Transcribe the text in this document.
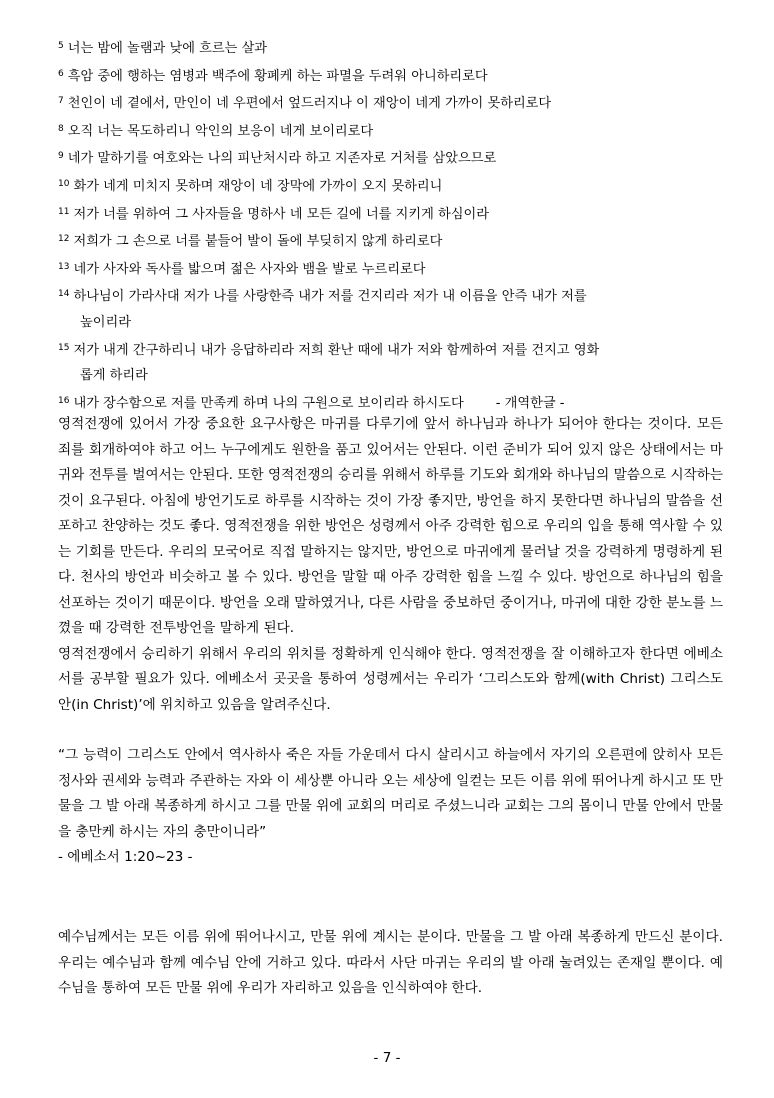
$^5$ 너는 밤에 놀램과 낮에 흐르는 살과
$^6$ 흑암 중에 행하는 염병과 백주에 황폐케 하는 파멸을 두려워 아니하리로다
$^7$ 천인이 네 곁에서, 만인이 네 우편에서 엎드러지나 이 재앙이 네게 가까이 못하리로다
$^8$ 오직 너는 목도하리니 악인의 보응이 네게 보이리로다
$^9$ 네가 말하기를 여호와는 나의 피난처시라 하고 지존자로 거처를 삼았으므로
$^{10}$ 화가 네게 미치지 못하며 재앙이 네 장막에 가까이 오지 못하리니
$^{11}$ 저가 너를 위하여 그 사자들을 명하사 네 모든 길에 너를 지키게 하심이라
$^{12}$ 저희가 그 손으로 너를 붙들어 발이 돌에 부딪히지 않게 하리로다
$^{13}$ 네가 사자와 독사를 밟으며 젊은 사자와 뱀을 발로 누르리로다
$^{14}$ 하나님이 가라사대 저가 나를 사랑한즉 내가 저를 건지리라 저가 내 이름을 안즉 내가 저를
높이리라
$^{15}$ 저가 내게 간구하리니 내가 응답하리라 저희 환난 때에 내가 저와 함께하여 저를 건지고 영화
롭게 하리라
$^{16}$ 내가 장수함으로 저를 만족케 하며 나의 구원으로 보이리라 하시도다 - 개역한글 -

영적전쟁에 있어서 가장 중요한 요구사항은 마귀를 다루기에 앞서 하나님과 하나가 되어야 한다는 것이다. 모든 죄를 회개하여야 하고 어느 누구에게도 원한을 품고 있어서는 안된다. 이런 준비가 되어 있지 않은 상태에서는 마귀와 전투를 벌여서는 안된다. 또한 영적전쟁의 승리를 위해서 하루를 기도와 회개와 하나님의 말씀으로 시작하는 것이 요구된다. 아침에 방언기도로 하루를 시작하는 것이 가장 좋지만, 방언을 하지 못한다면 하나님의 말씀을 선포하고 찬양하는 것도 좋다. 영적전쟁을 위한 방언은 성령께서 아주 강력한 힘으로 우리의 입을 통해 역사할 수 있는 기회를 만든다. 우리의 모국어로 직접 말하지는 않지만, 방언으로 마귀에게 물러날 것을 강력하게 명령하게 된다. 천사의 방언과 비슷하고 볼 수 있다. 방언을 말할 때 아주 강력한 힘을 느낄 수 있다. 방언으로 하나님의 힘을 선포하는 것이기 때문이다. 방언을 오래 말하였거나, 다른 사람을 중보하던 중이거나, 마귀에 대한 강한 분노를 느꼈을 때 강력한 전투방언을 말하게 된다.

영적전쟁에서 승리하기 위해서 우리의 위치를 정확하게 인식해야 한다. 영적전쟁을 잘 이해하고자 한다면 에베소서를 공부할 필요가 있다. 에베소서 곳곳을 통하여 성령께서는 우리가 ‘그리스도와 함께(with Christ) 그리스도 안(in Christ)’에 위치하고 있음을 알려주신다.

“그 능력이 그리스도 안에서 역사하사 죽은 자들 가운데서 다시 살리시고 하늘에서 자기의 오른편에 앉히사 모든 정사와 권세와 능력과 주관하는 자와 이 세상뿐 아니라 오는 세상에 일컫는 모든 이름 위에 뛰어나게 하시고 또 만물을 그 발 아래 복종하게 하시고 그를 만물 위에 교회의 머리로 주셨느니라 교회는 그의 몸이니 만물 안에서 만물을 충만케 하시는 자의 충만이니라”

- 에베소서 1:20~23 -

예수님께서는 모든 이름 위에 뛰어나시고, 만물 위에 계시는 분이다. 만물을 그 발 아래 복종하게 만드신 분이다. 우리는 예수님과 함께 예수님 안에 거하고 있다. 따라서 사단 마귀는 우리의 발 아래 눌려있는 존재일 뿐이다. 예수님을 통하여 모든 만물 위에 우리가 자리하고 있음을 인식하여야 한다.

- 7 -
